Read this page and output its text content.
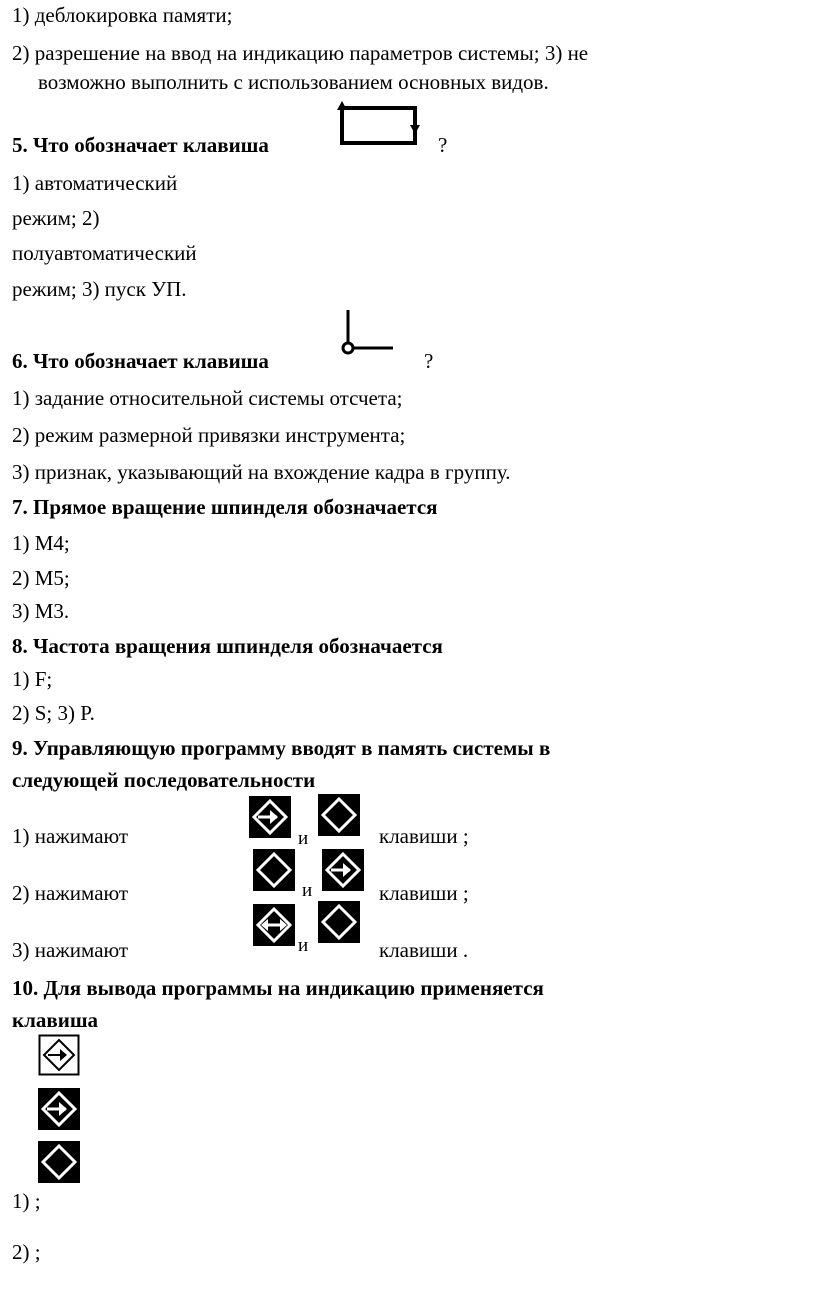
1) деблокировка памяти;
2) разрешение на ввод на индикацию параметров системы; 3) не
возможно выполнить с использованием основных видов.
5. Что обозначает клавиша	?
1) автоматический
режим; 2)
полуавтоматический
режим; 3) пуск УП.
6. Что обозначает клавиша	?
1) задание относительной системы отсчета;
2) режим размерной привязки инструмента;
3) признак, указывающий на вхождение кадра в группу.
7. Прямое вращение шпинделя обозначается
1) M4;
2) M5;
3) M3.
8. Частота вращения шпинделя обозначается
1) F;
2) S; 3) P.
9. Управляющую программу вводят в память системы в
следующей последовательности
1) нажимают	и	клавиши ;
2) нажимают	и	клавиши ;
3) нажимают	и	клавиши .
10. Для вывода программы на индикацию применяется
клавиша
1) ;
2) ;
